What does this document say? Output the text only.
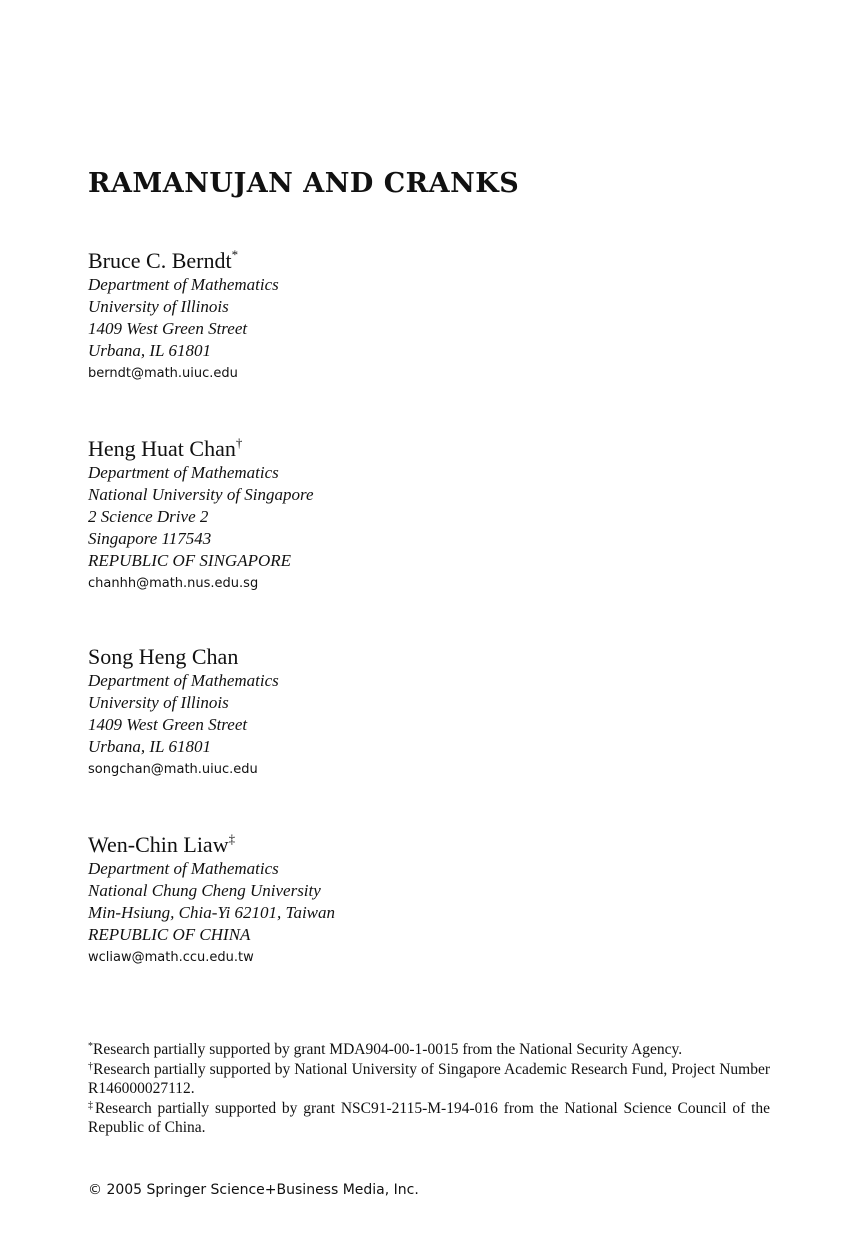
RAMANUJAN AND CRANKS
Bruce C. Berndt*
Department of Mathematics
University of Illinois
1409 West Green Street
Urbana, IL 61801
berndt@math.uiuc.edu
Heng Huat Chan†
Department of Mathematics
National University of Singapore
2 Science Drive 2
Singapore 117543
REPUBLIC OF SINGAPORE
chanhh@math.nus.edu.sg
Song Heng Chan
Department of Mathematics
University of Illinois
1409 West Green Street
Urbana, IL 61801
songchan@math.uiuc.edu
Wen-Chin Liaw‡
Department of Mathematics
National Chung Cheng University
Min-Hsiung, Chia-Yi 62101, Taiwan
REPUBLIC OF CHINA
wcliaw@math.ccu.edu.tw
*Research partially supported by grant MDA904-00-1-0015 from the National Security Agency.
†Research partially supported by National University of Singapore Academic Research Fund, Project Number R146000027112.
‡Research partially supported by grant NSC91-2115-M-194-016 from the National Science Council of the Republic of China.
© 2005 Springer Science+Business Media, Inc.
